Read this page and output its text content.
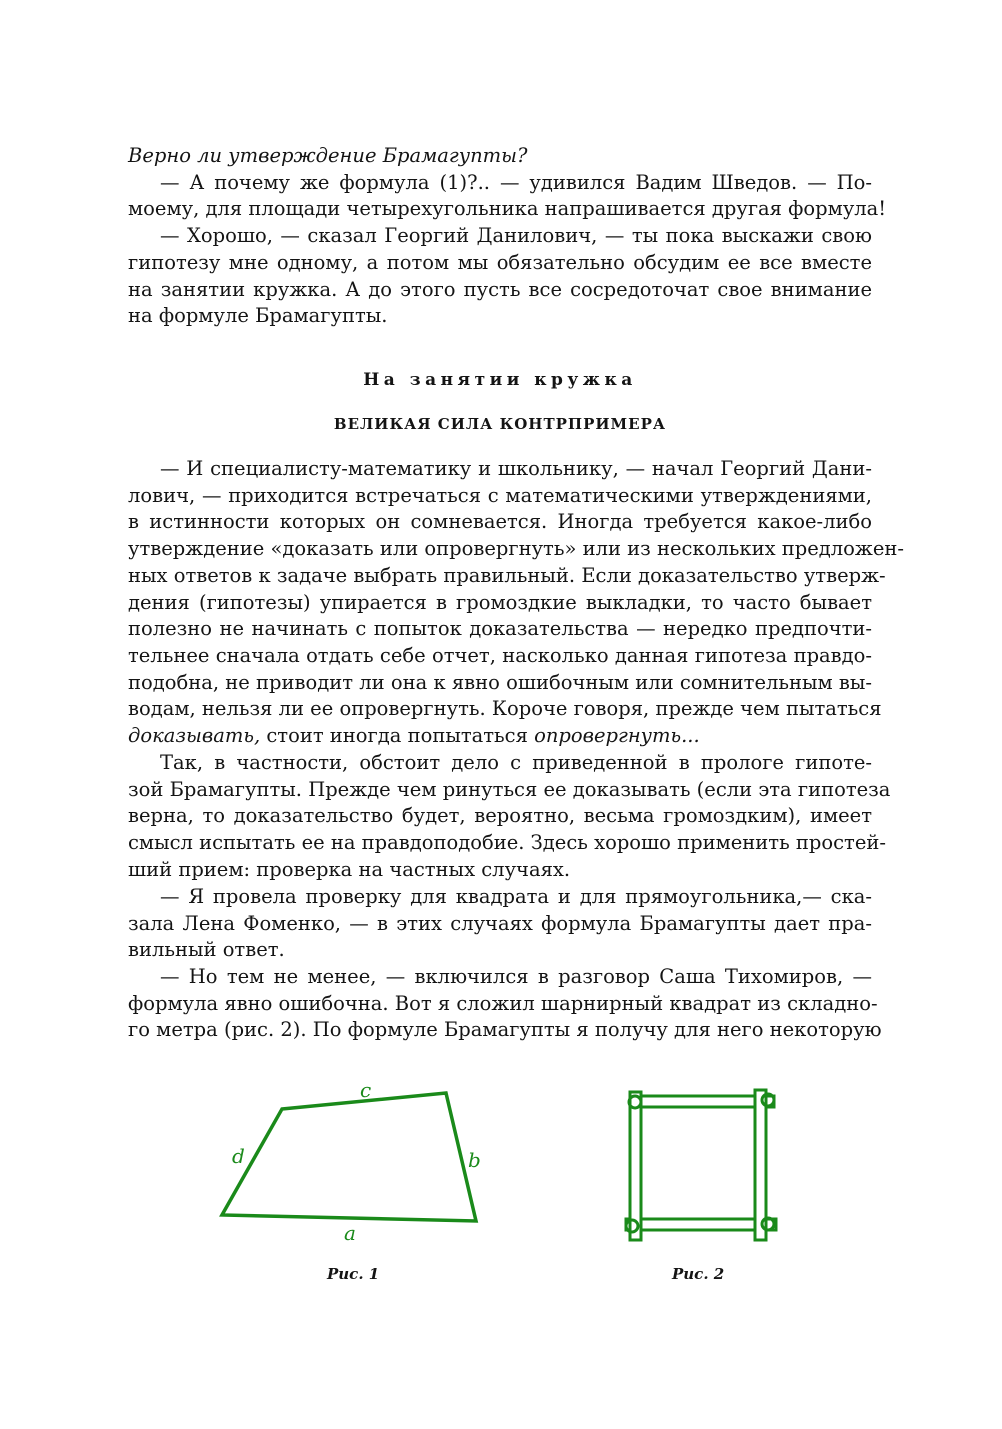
Верно ли утверждение Брамагупты?
— А почему же формула (1)?.. — удивился Вадим Шведов. — По-
моему, для площади четырехугольника напрашивается другая формула!
— Хорошо, — сказал Георгий Данилович, — ты пока выскажи свою
гипотезу мне одному, а потом мы обязательно обсудим ее все вместе
на занятии кружка. А до этого пусть все сосредоточат свое внимание
на формуле Брамагупты.
На занятии кружка
ВЕЛИКАЯ СИЛА КОНТРПРИМЕРА
— И специалисту-математику и школьнику, — начал Георгий Дани-
лович, — приходится встречаться с математическими утверждениями,
в истинности которых он сомневается. Иногда требуется какое-либо
утверждение «доказать или опровергнуть» или из нескольких предложен-
ных ответов к задаче выбрать правильный. Если доказательство утверж-
дения (гипотезы) упирается в громоздкие выкладки, то часто бывает
полезно не начинать с попыток доказательства — нередко предпочти-
тельнее сначала отдать себе отчет, насколько данная гипотеза правдо-
подобна, не приводит ли она к явно ошибочным или сомнительным вы-
водам, нельзя ли ее опровергнуть. Короче говоря, прежде чем пытаться
доказывать, стоит иногда попытаться опровергнуть...
Так, в частности, обстоит дело с приведенной в прологе гипоте-
зой Брамагупты. Прежде чем ринуться ее доказывать (если эта гипотеза
верна, то доказательство будет, вероятно, весьма громоздким), имеет
смысл испытать ее на правдоподобие. Здесь хорошо применить простей-
ший прием: проверка на частных случаях.
— Я провела проверку для квадрата и для прямоугольника,— ска-
зала Лена Фоменко, — в этих случаях формула Брамагупты дает пра-
вильный ответ.
— Но тем не менее, — включился в разговор Саша Тихомиров, —
формула явно ошибочна. Вот я сложил шарнирный квадрат из складно-
го метра (рис. 2). По формуле Брамагупты я получу для него некоторую
c
b
d
a
Рис. 1	Рис. 2
